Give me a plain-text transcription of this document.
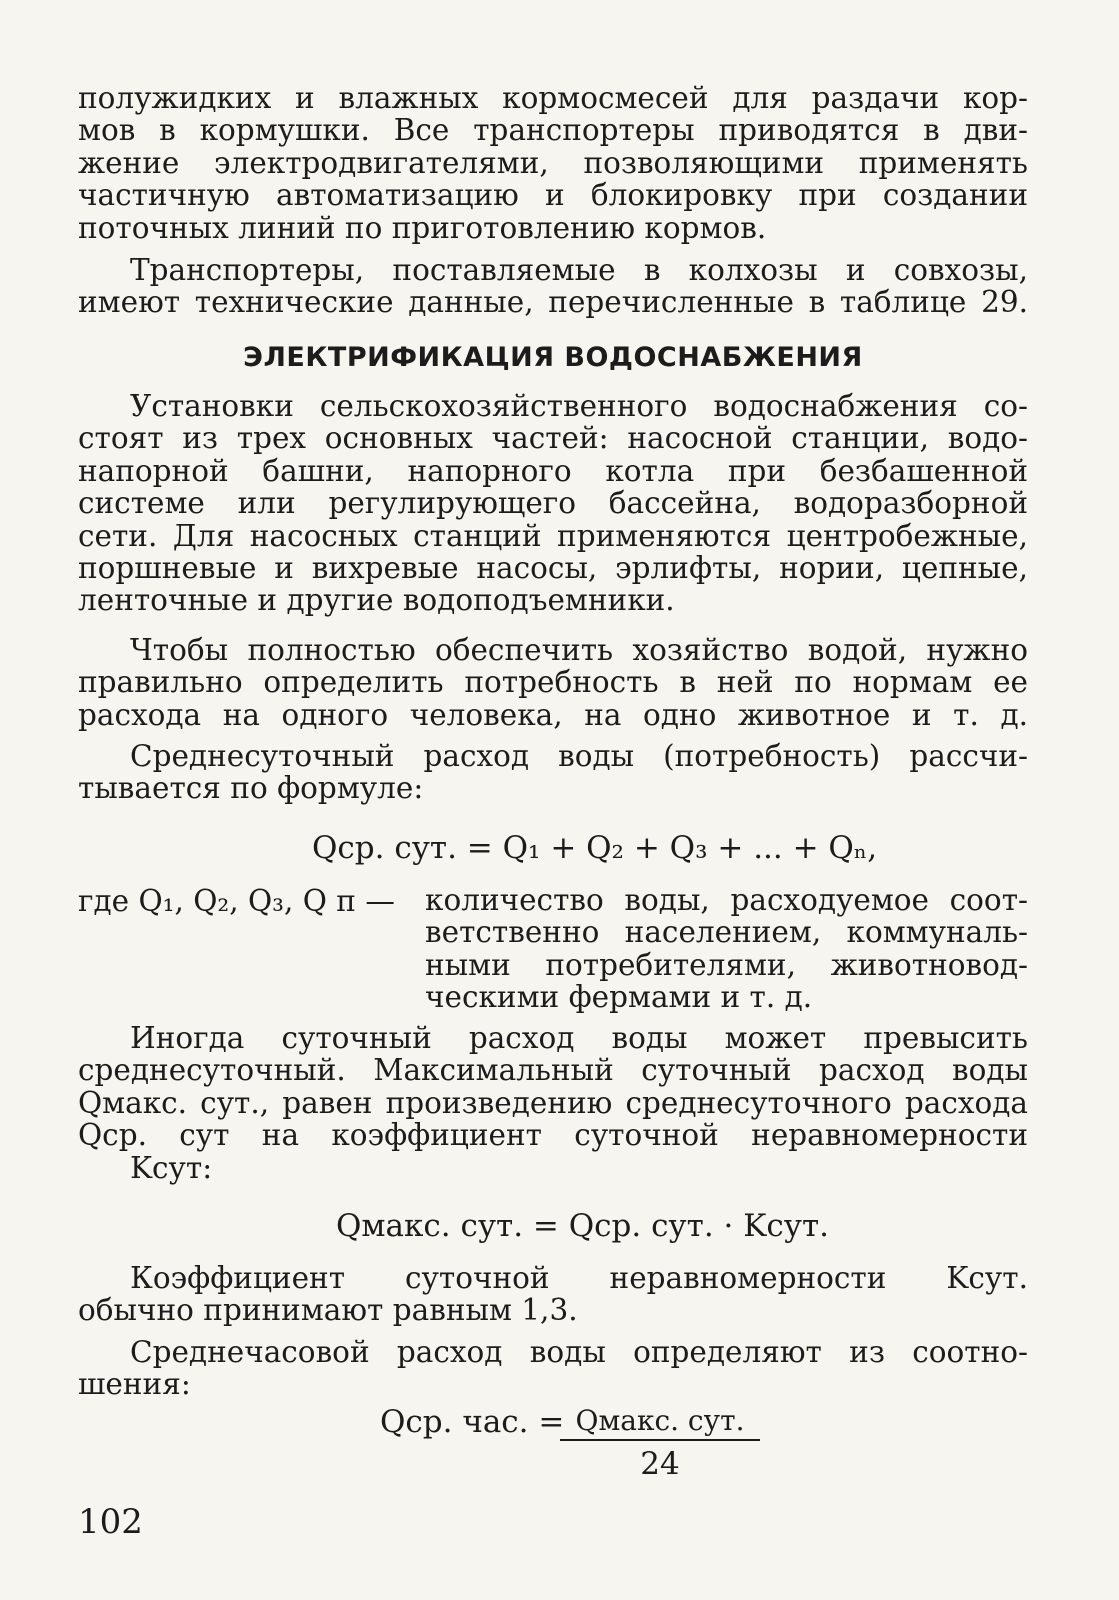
полужидких и влажных кормосмесей для раздачи кор-
мов в кормушки. Все транспортеры приводятся в дви-
жение электродвигателями, позволяющими применять
частичную автоматизацию и блокировку при создании
поточных линий по приготовлению кормов.
Транспортеры, поставляемые в колхозы и совхозы,
имеют технические данные, перечисленные в таблице 29.
ЭЛЕКТРИФИКАЦИЯ ВОДОСНАБЖЕНИЯ
Установки сельскохозяйственного водоснабжения со-
стоят из трех основных частей: насосной станции, водо-
напорной башни, напорного котла при безбашенной
системе или регулирующего бассейна, водоразборной
сети. Для насосных станций применяются центробежные,
поршневые и вихревые насосы, эрлифты, нории, цепные,
ленточные и другие водоподъемники.
Чтобы полностью обеспечить хозяйство водой, нужно
правильно определить потребность в ней по нормам ее
расхода на одного человека, на одно животное и т. д.
Среднесуточный расход воды (потребность) рассчи-
тывается по формуле:
Qср. сут. = Q₁ + Q₂ + Q₃ + ... + Qₙ,
где Q₁, Q₂, Q₃, Q п — количество воды, расходуемое соот-
ветственно населением, коммуналь-
ными потребителями, животновод-
ческими фермами и т. д.
Иногда суточный расход воды может превысить
среднесуточный. Максимальный суточный расход воды
Qмакс. сут., равен произведению среднесуточного расхода
Qср. сут на коэффициент суточной неравномерности
Kсут:
Qмакс. сут. = Qср. сут. · Kсут.
Коэффициент суточной неравномерности Kсут.
обычно принимают равным 1,3.
Среднечасовой расход воды определяют из соотно-
шения:
Qср. час. = Qмакс. сут.
24
102
